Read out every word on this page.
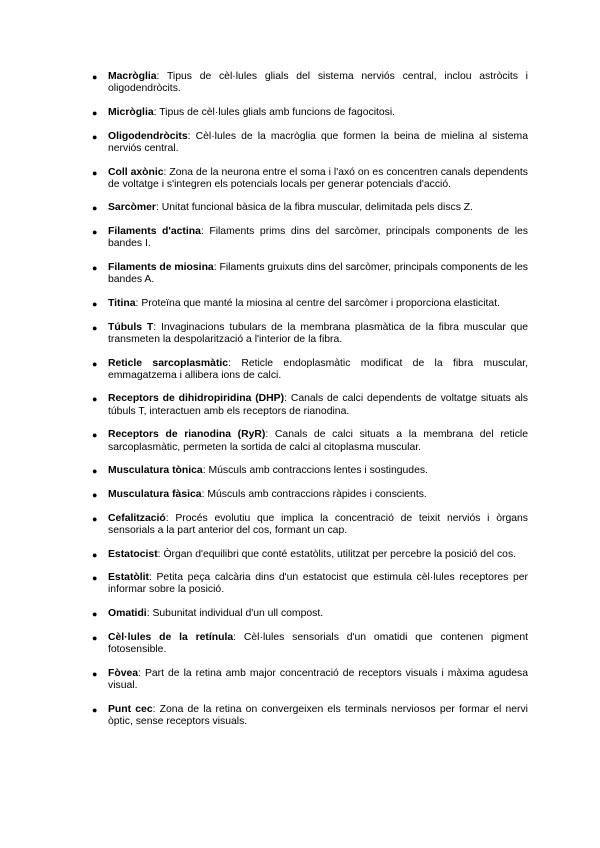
● Macròglia: Tipus de cèl·lules glials del sistema nerviós central, inclou astròcits i oligodendròcits.
● Micròglia: Tipus de cèl·lules glials amb funcions de fagocitosi.
● Oligodendròcits: Cèl·lules de la macròglia que formen la beina de mielina al sistema nerviós central.
● Coll axònic: Zona de la neurona entre el soma i l'axó on es concentren canals dependents de voltatge i s'integren els potencials locals per generar potencials d'acció.
● Sarcòmer: Unitat funcional bàsica de la fibra muscular, delimitada pels discs Z.
● Filaments d'actina: Filaments prims dins del sarcòmer, principals components de les bandes I.
● Filaments de miosina: Filaments gruixuts dins del sarcòmer, principals components de les bandes A.
● Titina: Proteïna que manté la miosina al centre del sarcòmer i proporciona elasticitat.
● Túbuls T: Invaginacions tubulars de la membrana plasmàtica de la fibra muscular que transmeten la despolarització a l'interior de la fibra.
● Reticle sarcoplasmàtic: Reticle endoplasmàtic modificat de la fibra muscular, emmagatzema i allibera ions de calci.
● Receptors de dihidropiridina (DHP): Canals de calci dependents de voltatge situats als túbuls T, interactuen amb els receptors de rianodina.
● Receptors de rianodina (RyR): Canals de calci situats a la membrana del reticle sarcoplasmàtic, permeten la sortida de calci al citoplasma muscular.
● Musculatura tònica: Músculs amb contraccions lentes i sostingudes.
● Musculatura fàsica: Músculs amb contraccions ràpides i conscients.
● Cefalització: Procés evolutiu que implica la concentració de teixit nerviós i òrgans sensorials a la part anterior del cos, formant un cap.
● Estatocist: Òrgan d'equilibri que conté estatòlits, utilitzat per percebre la posició del cos.
● Estatòlit: Petita peça calcària dins d'un estatocist que estimula cèl·lules receptores per informar sobre la posició.
● Omatidi: Subunitat individual d'un ull compost.
● Cèl·lules de la retínula: Cèl·lules sensorials d'un omatidi que contenen pigment fotosensible.
● Fòvea: Part de la retina amb major concentració de receptors visuals i màxima agudesa visual.
● Punt cec: Zona de la retina on convergeixen els terminals nerviosos per formar el nervi òptic, sense receptors visuals.
